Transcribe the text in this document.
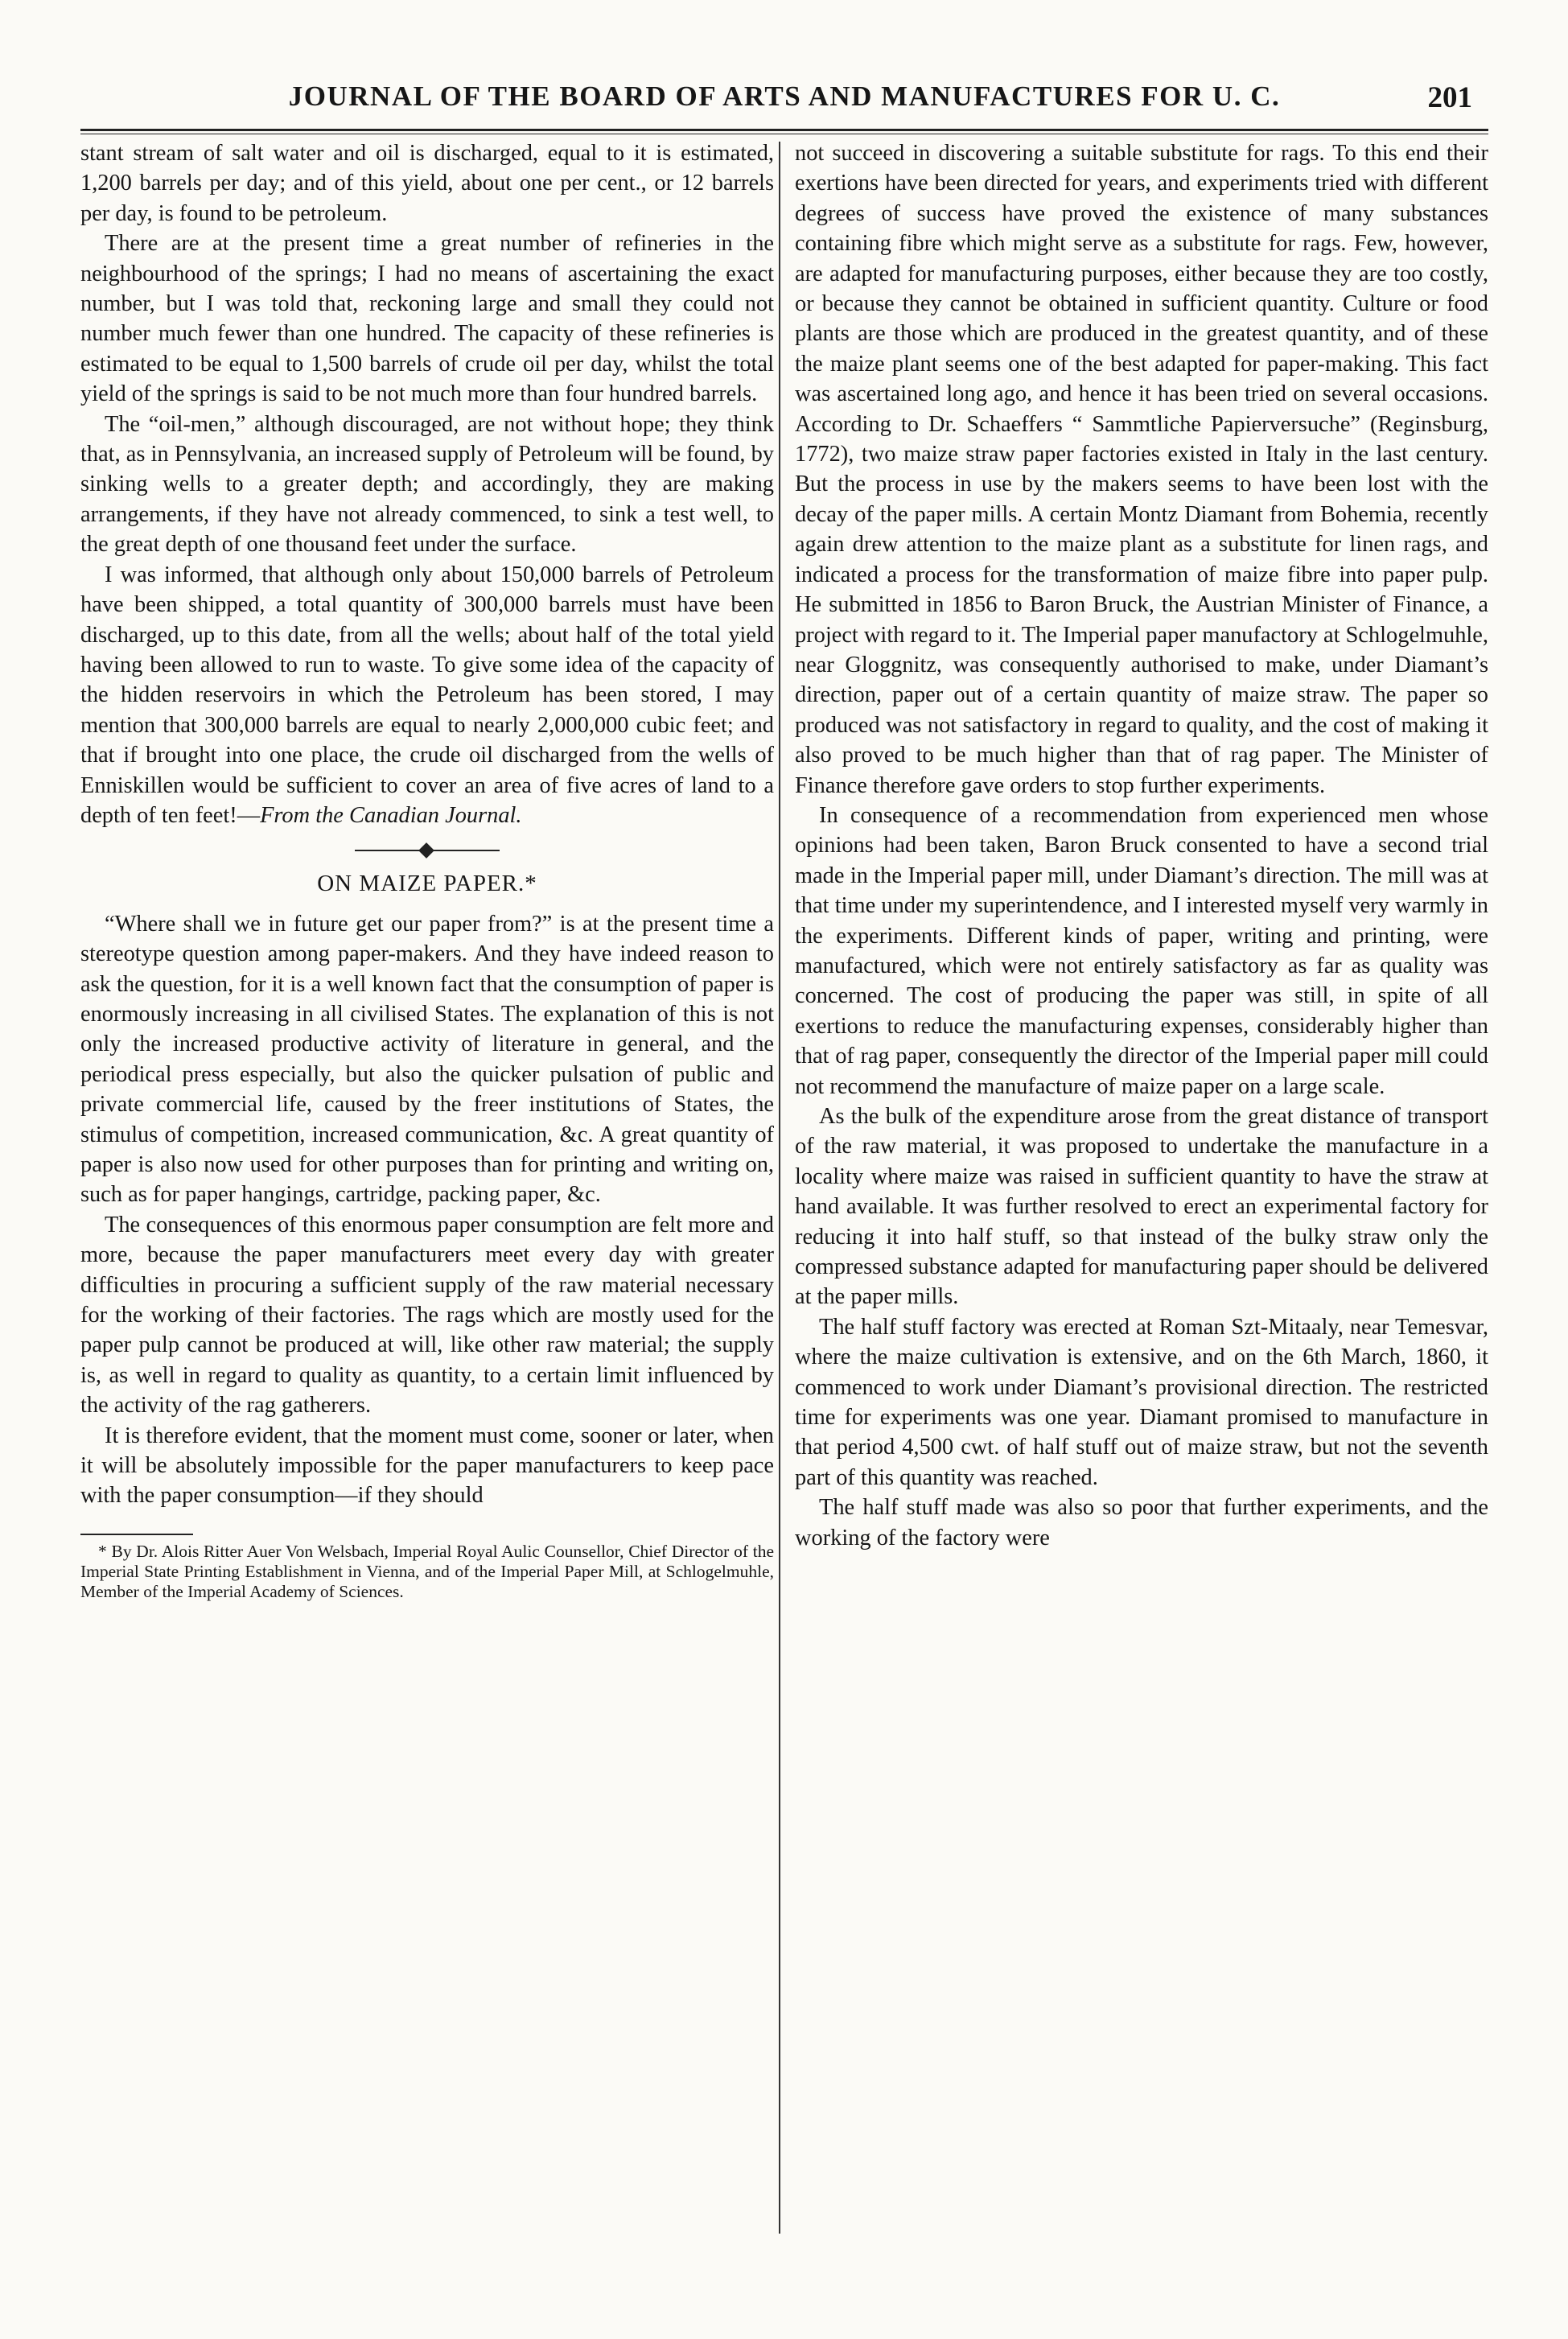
JOURNAL OF THE BOARD OF ARTS AND MANUFACTURES FOR U. C.	201

stant stream of salt water and oil is discharged, equal to it is estimated, 1,200 barrels per day; and of this yield, about one per cent., or 12 barrels per day, is found to be petroleum.

There are at the present time a great number of refineries in the neighbourhood of the springs; I had no means of ascertaining the exact number, but I was told that, reckoning large and small they could not number much fewer than one hundred. The capacity of these refineries is estimated to be equal to 1,500 barrels of crude oil per day, whilst the total yield of the springs is said to be not much more than four hundred barrels.

The “oil-men,” although discouraged, are not without hope; they think that, as in Pennsylvania, an increased supply of Petroleum will be found, by sinking wells to a greater depth; and accordingly, they are making arrangements, if they have not already commenced, to sink a test well, to the great depth of one thousand feet under the surface.

I was informed, that although only about 150,000 barrels of Petroleum have been shipped, a total quantity of 300,000 barrels must have been discharged, up to this date, from all the wells; about half of the total yield having been allowed to run to waste. To give some idea of the capacity of the hidden reservoirs in which the Petroleum has been stored, I may mention that 300,000 barrels are equal to nearly 2,000,000 cubic feet; and that if brought into one place, the crude oil discharged from the wells of Enniskillen would be sufficient to cover an area of five acres of land to a depth of ten feet!—From the Canadian Journal.

ON MAIZE PAPER.*

“Where shall we in future get our paper from?” is at the present time a stereotype question among paper-makers. And they have indeed reason to ask the question, for it is a well known fact that the consumption of paper is enormously increasing in all civilised States. The explanation of this is not only the increased productive activity of literature in general, and the periodical press especially, but also the quicker pulsation of public and private commercial life, caused by the freer institutions of States, the stimulus of competition, increased communication, &c. A great quantity of paper is also now used for other purposes than for printing and writing on, such as for paper hangings, cartridge, packing paper, &c.

The consequences of this enormous paper consumption are felt more and more, because the paper manufacturers meet every day with greater difficulties in procuring a sufficient supply of the raw material necessary for the working of their factories. The rags which are mostly used for the paper pulp cannot be produced at will, like other raw material; the supply is, as well in regard to quality as quantity, to a certain limit influenced by the activity of the rag gatherers.

It is therefore evident, that the moment must come, sooner or later, when it will be absolutely impossible for the paper manufacturers to keep pace with the paper consumption—if they should

* By Dr. Alois Ritter Auer Von Welsbach, Imperial Royal Aulic Counsellor, Chief Director of the Imperial State Printing Establishment in Vienna, and of the Imperial Paper Mill, at Schlogelmuhle, Member of the Imperial Academy of Sciences.

not succeed in discovering a suitable substitute for rags. To this end their exertions have been directed for years, and experiments tried with different degrees of success have proved the existence of many substances containing fibre which might serve as a substitute for rags. Few, however, are adapted for manufacturing purposes, either because they are too costly, or because they cannot be obtained in sufficient quantity. Culture or food plants are those which are produced in the greatest quantity, and of these the maize plant seems one of the best adapted for paper-making. This fact was ascertained long ago, and hence it has been tried on several occasions. According to Dr. Schaeffers “ Sammtliche Papierversuche” (Reginsburg, 1772), two maize straw paper factories existed in Italy in the last century. But the process in use by the makers seems to have been lost with the decay of the paper mills. A certain Montz Diamant from Bohemia, recently again drew attention to the maize plant as a substitute for linen rags, and indicated a process for the transformation of maize fibre into paper pulp. He submitted in 1856 to Baron Bruck, the Austrian Minister of Finance, a project with regard to it. The Imperial paper manufactory at Schlogelmuhle, near Gloggnitz, was consequently authorised to make, under Diamant’s direction, paper out of a certain quantity of maize straw. The paper so produced was not satisfactory in regard to quality, and the cost of making it also proved to be much higher than that of rag paper. The Minister of Finance therefore gave orders to stop further experiments.

In consequence of a recommendation from experienced men whose opinions had been taken, Baron Bruck consented to have a second trial made in the Imperial paper mill, under Diamant’s direction. The mill was at that time under my superintendence, and I interested myself very warmly in the experiments. Different kinds of paper, writing and printing, were manufactured, which were not entirely satisfactory as far as quality was concerned. The cost of producing the paper was still, in spite of all exertions to reduce the manufacturing expenses, considerably higher than that of rag paper, consequently the director of the Imperial paper mill could not recommend the manufacture of maize paper on a large scale.

As the bulk of the expenditure arose from the great distance of transport of the raw material, it was proposed to undertake the manufacture in a locality where maize was raised in sufficient quantity to have the straw at hand available. It was further resolved to erect an experimental factory for reducing it into half stuff, so that instead of the bulky straw only the compressed substance adapted for manufacturing paper should be delivered at the paper mills.

The half stuff factory was erected at Roman Szt-Mitaaly, near Temesvar, where the maize cultivation is extensive, and on the 6th March, 1860, it commenced to work under Diamant’s provisional direction. The restricted time for experiments was one year. Diamant promised to manufacture in that period 4,500 cwt. of half stuff out of maize straw, but not the seventh part of this quantity was reached.

The half stuff made was also so poor that further experiments, and the working of the factory were
